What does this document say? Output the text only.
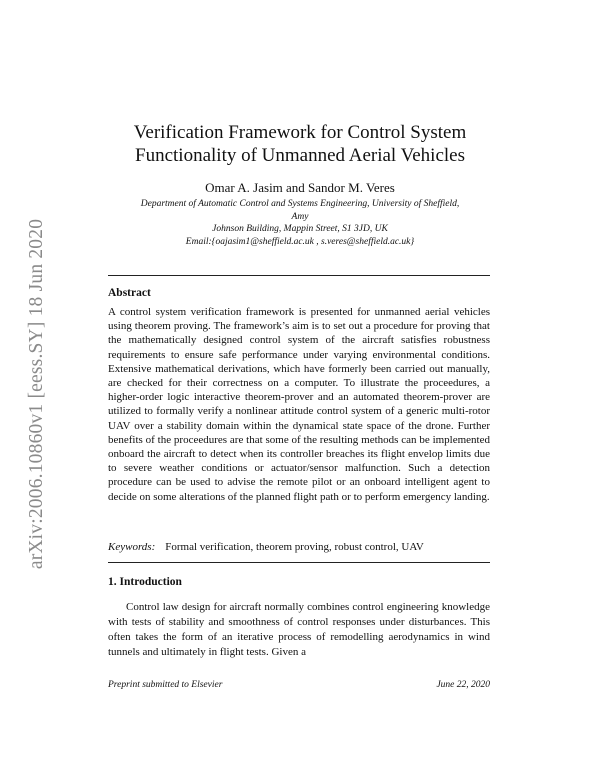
arXiv:2006.10860v1 [eess.SY] 18 Jun 2020
Verification Framework for Control System
Functionality of Unmanned Aerial Vehicles
Omar A. Jasim and Sandor M. Veres
Department of Automatic Control and Systems Engineering, University of Sheffield, Amy
Johnson Building, Mappin Street, S1 3JD, UK
Email:{oajasim1@sheffield.ac.uk , s.veres@sheffield.ac.uk}
Abstract
A control system verification framework is presented for unmanned aerial vehicles using theorem proving. The framework’s aim is to set out a procedure for proving that the mathematically designed control system of the aircraft satisfies robustness requirements to ensure safe performance under varying environmental conditions. Extensive mathematical derivations, which have formerly been carried out manually, are checked for their correctness on a computer. To illustrate the proceedures, a higher-order logic interactive theorem-prover and an automated theorem-prover are utilized to formally verify a nonlinear attitude control system of a generic multi-rotor UAV over a stability domain within the dynamical state space of the drone. Further benefits of the proceedures are that some of the resulting methods can be implemented onboard the aircraft to detect when its controller breaches its flight envelop limits due to severe weather conditions or actuator/sensor malfunction. Such a detection procedure can be used to advise the remote pilot or an onboard intelligent agent to decide on some alterations of the planned flight path or to perform emergency landing.
Keywords: Formal verification, theorem proving, robust control, UAV
1. Introduction
Control law design for aircraft normally combines control engineering knowledge with tests of stability and smoothness of control responses under disturbances. This often takes the form of an iterative process of remodelling aerodynamics in wind tunnels and ultimately in flight tests. Given a
Preprint submitted to Elsevier	June 22, 2020
